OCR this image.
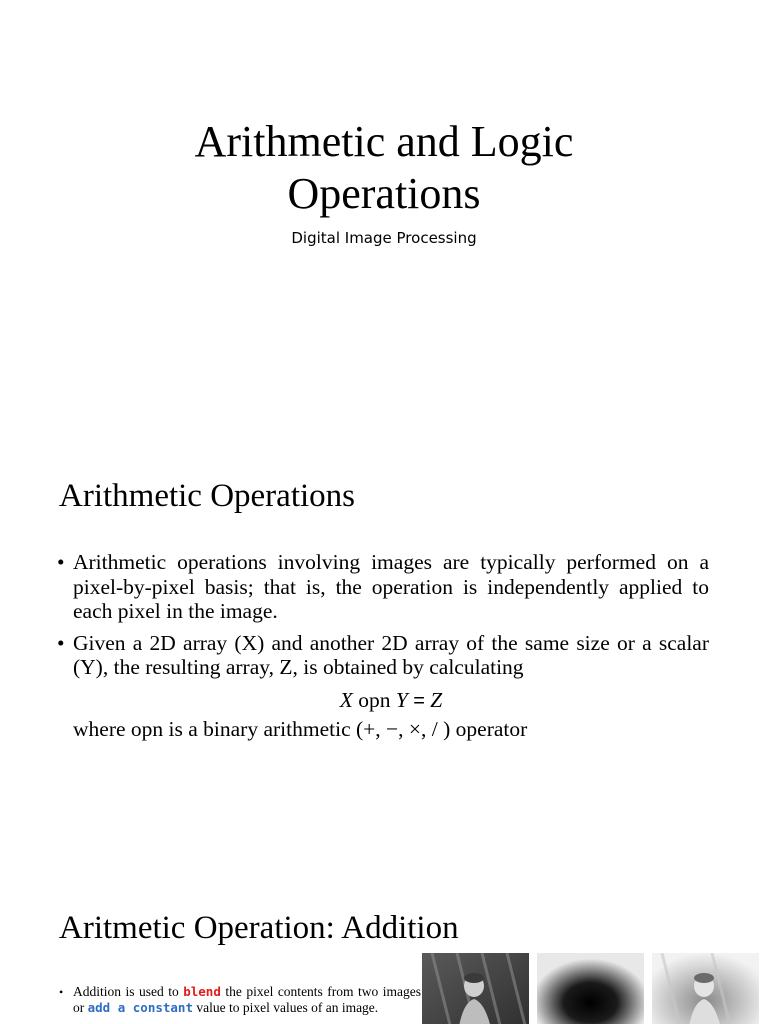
Arithmetic and Logic
Operations
Digital Image Processing
Arithmetic Operations
• Arithmetic operations involving images are typically performed on a pixel-by-pixel basis; that is, the operation is independently applied to each pixel in the image.
• Given a 2D array (X) and another 2D array of the same size or a scalar (Y), the resulting array, Z, is obtained by calculating
X opn Y = Z
where opn is a binary arithmetic (+, −, ×, / ) operator
Aritmetic Operation: Addition
• Addition is used to blend the pixel contents from two images or add a constant value to pixel values of an image.
